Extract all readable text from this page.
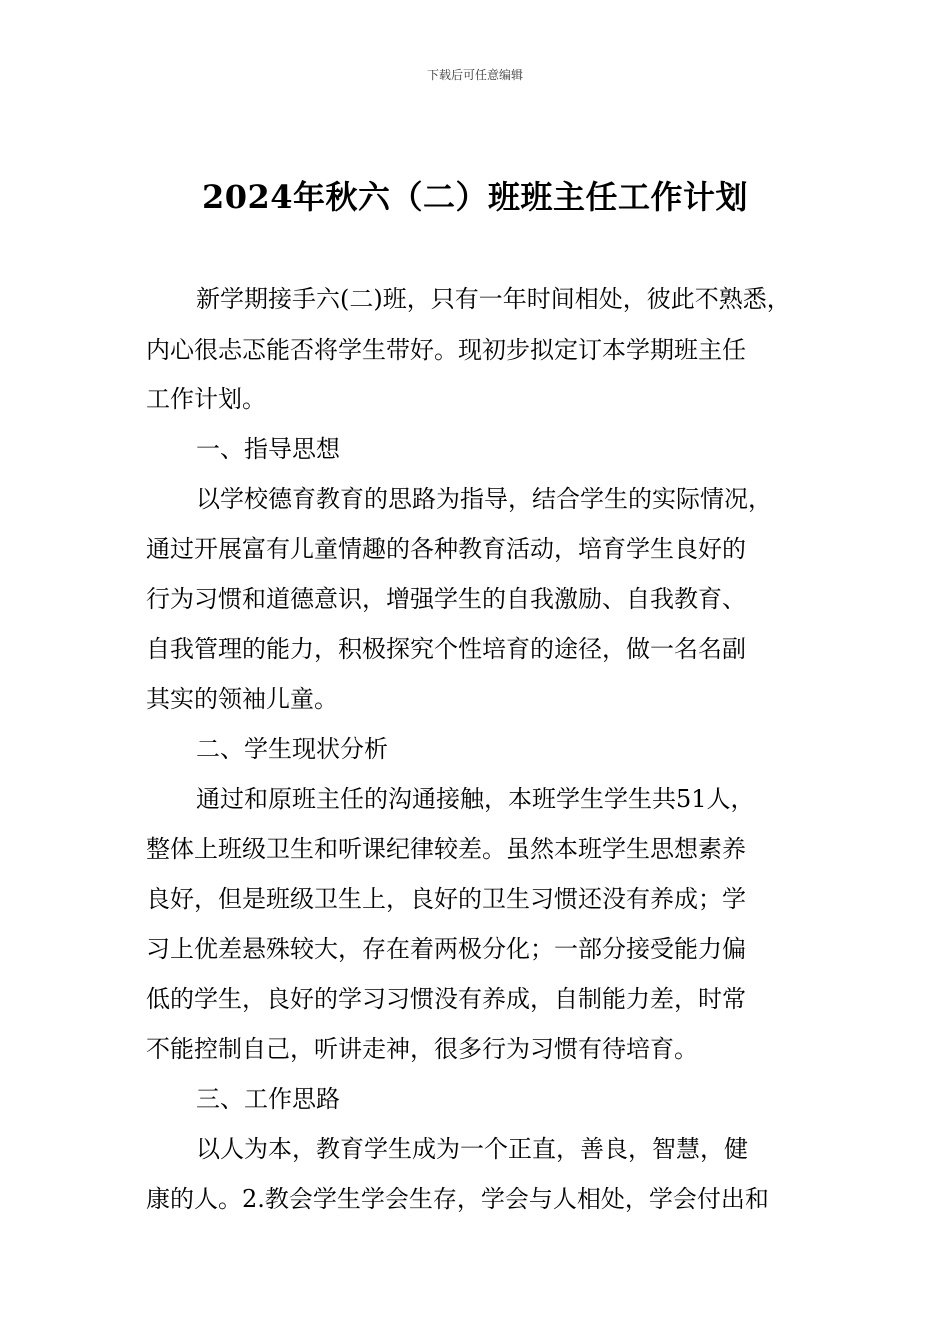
下载后可任意编辑
2024年秋六（二）班班主任工作计划
新学期接手六(二)班，只有一年时间相处，彼此不熟悉，
内心很忐忑能否将学生带好。现初步拟定订本学期班主任
工作计划。
一、指导思想
以学校德育教育的思路为指导，结合学生的实际情况，
通过开展富有儿童情趣的各种教育活动，培育学生良好的
行为习惯和道德意识，增强学生的自我激励、自我教育、
自我管理的能力，积极探究个性培育的途径，做一名名副
其实的领袖儿童。
二、学生现状分析
通过和原班主任的沟通接触，本班学生学生共51人，
整体上班级卫生和听课纪律较差。虽然本班学生思想素养
良好，但是班级卫生上，良好的卫生习惯还没有养成；学
习上优差悬殊较大，存在着两极分化；一部分接受能力偏
低的学生，良好的学习习惯没有养成，自制能力差，时常
不能控制自己，听讲走神，很多行为习惯有待培育。
三、工作思路
以人为本，教育学生成为一个正直，善良，智慧，健
康的人。2.教会学生学会生存，学会与人相处，学会付出和
